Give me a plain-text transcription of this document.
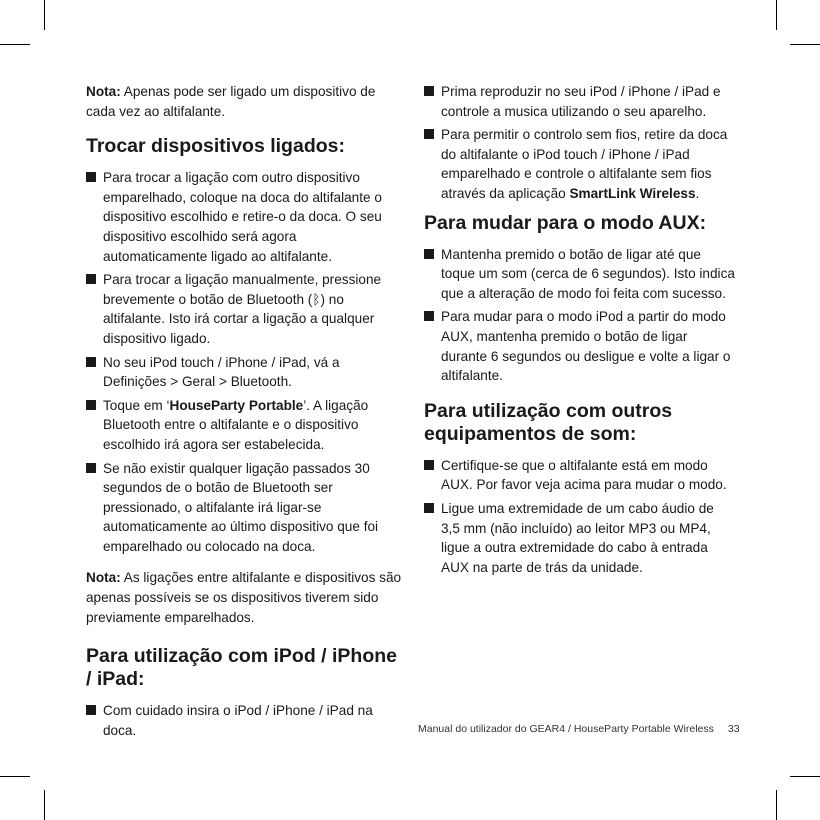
Nota: Apenas pode ser ligado um dispositivo de cada vez ao altifalante.

Trocar dispositivos ligados:
Para trocar a ligação com outro dispositivo emparelhado, coloque na doca do altifalante o dispositivo escolhido e retire-o da doca. O seu dispositivo escolhido será agora automaticamente ligado ao altifalante.
Para trocar a ligação manualmente, pressione brevemente o botão de Bluetooth (ᛒ) no altifalante. Isto irá cortar a ligação a qualquer dispositivo ligado.
No seu iPod touch / iPhone / iPad, vá a Definições > Geral > Bluetooth.
Toque em ‘HouseParty Portable’. A ligação Bluetooth entre o altifalante e o dispositivo escolhido irá agora ser estabelecida.
Se não existir qualquer ligação passados 30 segundos de o botão de Bluetooth ser pressionado, o altifalante irá ligar-se automaticamente ao último dispositivo que foi emparelhado ou colocado na doca.

Nota: As ligações entre altifalante e dispositivos são apenas possíveis se os dispositivos tiverem sido previamente emparelhados.

Para utilização com iPod / iPhone / iPad:
Com cuidado insira o iPod / iPhone / iPad na doca.
Prima reproduzir no seu iPod / iPhone / iPad e controle a musica utilizando o seu aparelho.
Para permitir o controlo sem fios, retire da doca do altifalante o iPod touch / iPhone / iPad emparelhado e controle o altifalante sem fios através da aplicação SmartLink Wireless.
Para mudar para o modo AUX:
Mantenha premido o botão de ligar até que toque um som (cerca de 6 segundos). Isto indica que a alteração de modo foi feita com sucesso.
Para mudar para o modo iPod a partir do modo AUX, mantenha premido o botão de ligar durante 6 segundos ou desligue e volte a ligar o altifalante.
Para utilização com outros equipamentos de som:
Certifique-se que o altifalante está em modo AUX. Por favor veja acima para mudar o modo.
Ligue uma extremidade de um cabo áudio de 3,5 mm (não incluído) ao leitor MP3 ou MP4, ligue a outra extremidade do cabo à entrada AUX na parte de trás da unidade.
Manual do utilizador do GEAR4 / HouseParty Portable Wireless 33
